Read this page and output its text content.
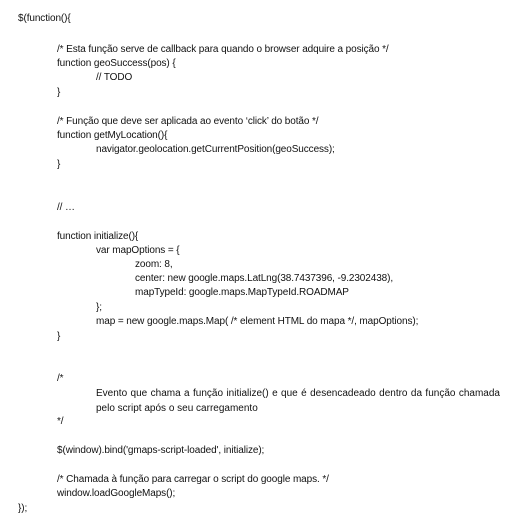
$(function(){
/* Esta função serve de callback para quando o browser adquire a posição */
function geoSuccess(pos) {
// TODO
}
/* Função que deve ser aplicada ao evento ‘click’ do botão */
function getMyLocation(){
navigator.geolocation.getCurrentPosition(geoSuccess);
}
// …
function initialize(){
var mapOptions = {
zoom: 8,
center: new google.maps.LatLng(38.7437396, -9.2302438),
mapTypeId: google.maps.MapTypeId.ROADMAP
};
map = new google.maps.Map( /* element HTML do mapa */, mapOptions);
}
/*
Evento que chama a função initialize() e que é desencadeado dentro da função chamada pelo script após o seu carregamento
*/
$(window).bind('gmaps-script-loaded', initialize);
/* Chamada à função para carregar o script do google maps. */
window.loadGoogleMaps();
});
